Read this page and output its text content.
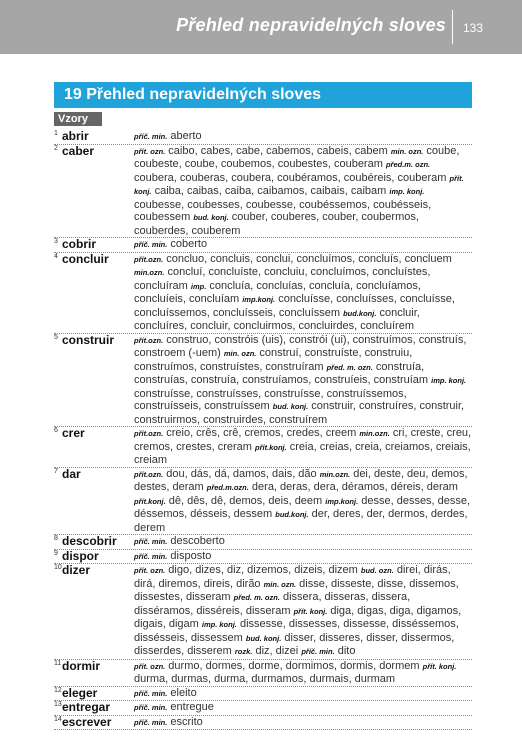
Přehled nepravidelných sloves 133
19 Přehled nepravidelných sloves
Vzory
1 abrir	příč. min. aberto
2 caber	přít. ozn. caibo, cabes, cabe, cabemos, cabeis, cabem min. ozn. coube, coubeste, coube, coubemos, coubestes, couberam před.m. ozn. coubera, couberas, coubera, coubéramos, coubéreis, couberam přít. konj. caiba, caibas, caiba, caibamos, caibais, caibam imp. konj. coubesse, coubesses, coubesse, coubéssemos, coubésseis, coubessem bud. konj. couber, couberes, couber, coubermos, couberdes, couberem
3 cobrir	příč. min. coberto
4 concluir	přít.ozn. concluo, concluis, conclui, concluímos, concluís, concluem min.ozn. concluí, concluíste, concluiu, concluímos, concluístes, concluíram imp. concluía, concluías, concluía, concluíamos, concluíeis, concluíam imp.konj. concluísse, concluísses, concluísse, concluíssemos, concluísseis, concluíssem bud.konj. concluir, concluíres, concluir, concluirmos, concluirdes, concluírem
5 construir	přít.ozn. construo, constróis (uis), constrói (ui), construímos, construís, constroem (-uem) min. ozn. construí, construíste, construiu, construímos, construístes, construíram před. m. ozn. construía, construías, construía, construíamos, construíeis, construíam imp. konj. construísse, construísses, construísse, construíssemos, construísseis, construíssem bud. konj. construir, construíres, construir, construirmos, construirdes, construírem
6 crer	přít.ozn. creio, crês, crê, cremos, credes, creem min.ozn. cri, creste, creu, cremos, crestes, creram přít.konj. creia, creias, creia, creiamos, creiais, creiam
7 dar	přít.ozn. dou, dás, dá, damos, dais, dão min.ozn. dei, deste, deu, demos, destes, deram před.m.ozn. dera, deras, dera, déramos, déreis, deram přít.konj. dê, dês, dê, demos, deis, deem imp.konj. desse, desses, desse, déssemos, désseis, dessem bud.konj. der, deres, der, dermos, derdes, derem
8 descobrir příč. min. descoberto
9 dispor	příč. min. disposto
10 dizer	přít. ozn. digo, dizes, diz, dizemos, dizeis, dizem bud. ozn. direi, dirás, dirá, diremos, direis, dirão min. ozn. disse, disseste, disse, dissemos, dissestes, disseram před. m. ozn. dissera, disseras, dissera, disséramos, disséreis, disseram přít. konj. diga, digas, diga, digamos, digais, digam imp. konj. dissesse, dissesses, dissesse, disséssemos, dissésseis, dissessem bud. konj. disser, disseres, disser, dissermos, disserdes, disserem rozk. diz, dizei příč. min. dito
11 dormir	přít. ozn. durmo, dormes, dorme, dormimos, dormis, dormem přít. konj. durma, durmas, durma, durmamos, durmais, durmam
12 eleger	příč. min. eleito
13 entregar	příč. min. entregue
14 escrever	příč. min. escrito
